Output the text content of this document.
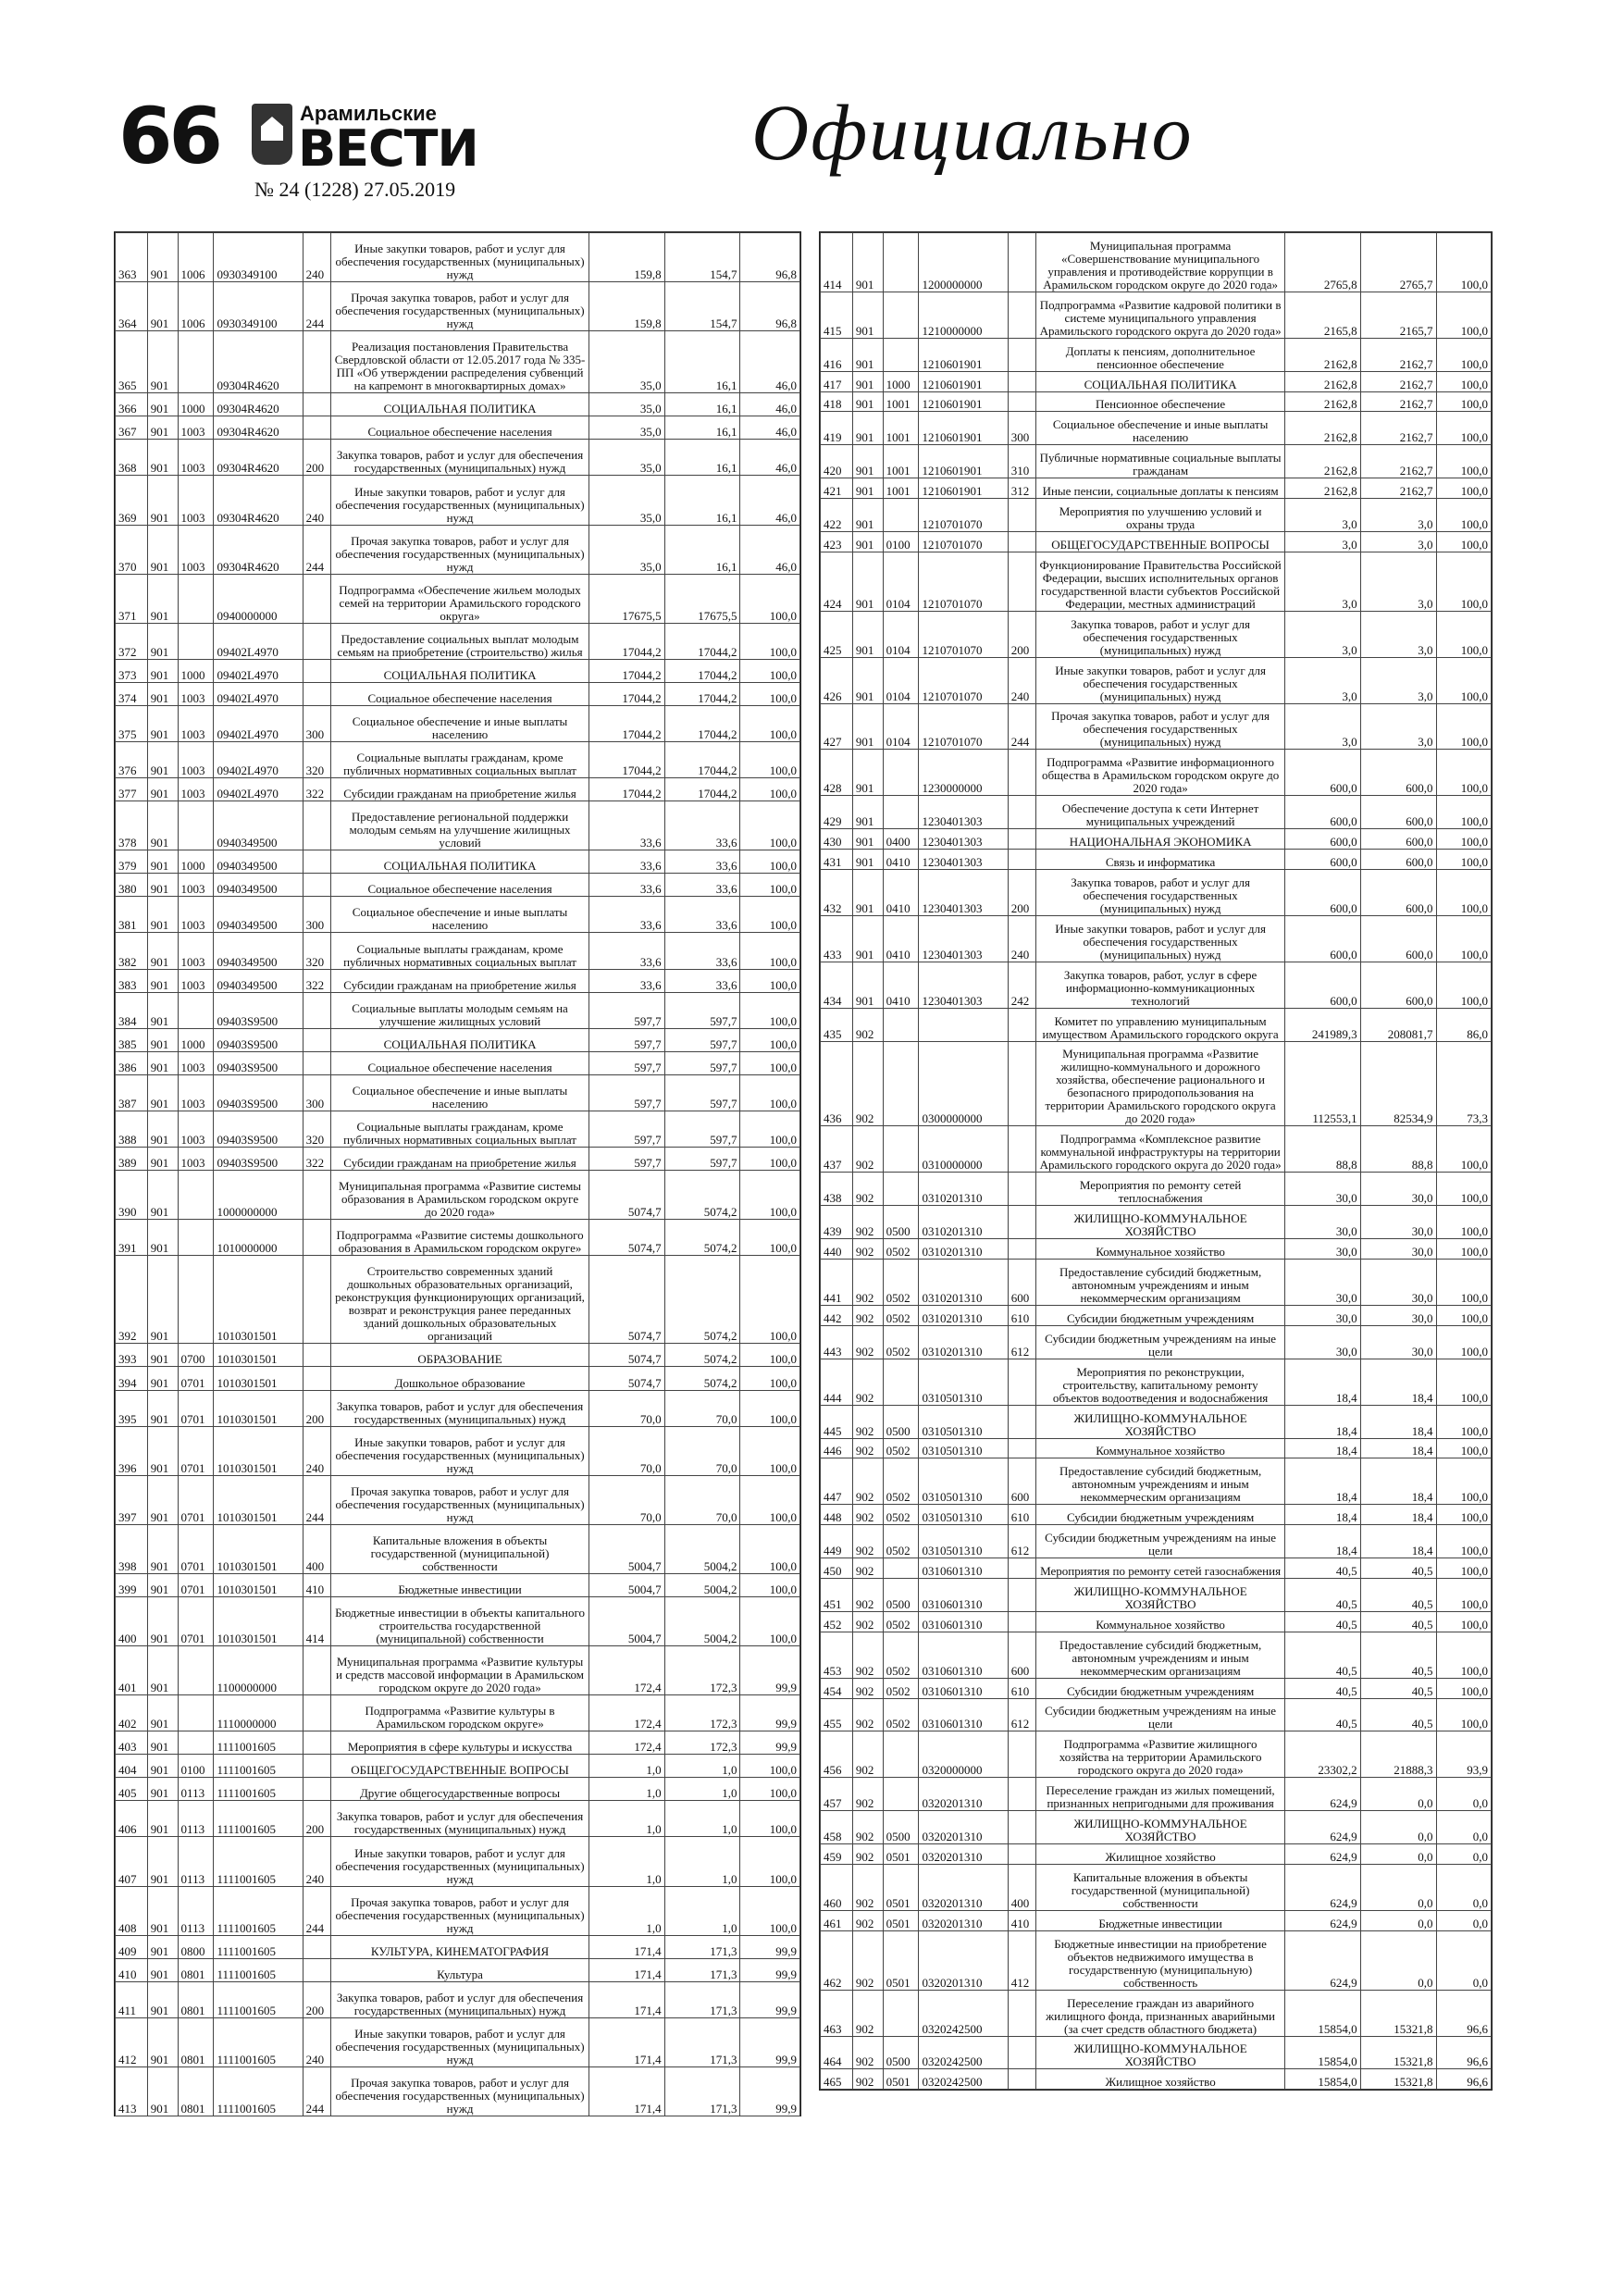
66	Арамильские
ВЕСТИ
№ 24 (1228) 27.05.2019
Официально
363	901	1006	0930349100	240	Иные закупки товаров, работ и услуг для обеспечения государственных (муниципальных) нужд	159,8	154,7	96,8
364	901	1006	0930349100	244	Прочая закупка товаров, работ и услуг для обеспечения государственных (муниципальных) нужд	159,8	154,7	96,8
365	901		09304R4620		Реализация постановления Правительства Свердловской области от 12.05.2017 года № 335-ПП «Об утверждении распределения субвенций на капремонт в многоквартирных домах»	35,0	16,1	46,0
366	901	1000	09304R4620		СОЦИАЛЬНАЯ ПОЛИТИКА	35,0	16,1	46,0
367	901	1003	09304R4620		Социальное обеспечение населения	35,0	16,1	46,0
368	901	1003	09304R4620	200	Закупка товаров, работ и услуг для обеспечения государственных (муниципальных) нужд	35,0	16,1	46,0
369	901	1003	09304R4620	240	Иные закупки товаров, работ и услуг для обеспечения государственных (муниципальных) нужд	35,0	16,1	46,0
370	901	1003	09304R4620	244	Прочая закупка товаров, работ и услуг для обеспечения государственных (муниципальных) нужд	35,0	16,1	46,0
371	901		0940000000		Подпрограмма «Обеспечение жильем молодых семей на территории Арамильского городского округа»	17675,5	17675,5	100,0
372	901		09402L4970		Предоставление социальных выплат молодым семьям на приобретение (строительство) жилья	17044,2	17044,2	100,0
373	901	1000	09402L4970		СОЦИАЛЬНАЯ ПОЛИТИКА	17044,2	17044,2	100,0
374	901	1003	09402L4970		Социальное обеспечение населения	17044,2	17044,2	100,0
375	901	1003	09402L4970	300	Социальное обеспечение и иные выплаты населению	17044,2	17044,2	100,0
376	901	1003	09402L4970	320	Социальные выплаты гражданам, кроме публичных нормативных социальных выплат	17044,2	17044,2	100,0
377	901	1003	09402L4970	322	Субсидии гражданам на приобретение жилья	17044,2	17044,2	100,0
378	901		0940349500		Предоставление региональной поддержки молодым семьям на улучшение жилищных условий	33,6	33,6	100,0
379	901	1000	0940349500		СОЦИАЛЬНАЯ ПОЛИТИКА	33,6	33,6	100,0
380	901	1003	0940349500		Социальное обеспечение населения	33,6	33,6	100,0
381	901	1003	0940349500	300	Социальное обеспечение и иные выплаты населению	33,6	33,6	100,0
382	901	1003	0940349500	320	Социальные выплаты гражданам, кроме публичных нормативных социальных выплат	33,6	33,6	100,0
383	901	1003	0940349500	322	Субсидии гражданам на приобретение жилья	33,6	33,6	100,0
384	901		09403S9500		Социальные выплаты молодым семьям на улучшение жилищных условий	597,7	597,7	100,0
385	901	1000	09403S9500		СОЦИАЛЬНАЯ ПОЛИТИКА	597,7	597,7	100,0
386	901	1003	09403S9500		Социальное обеспечение населения	597,7	597,7	100,0
387	901	1003	09403S9500	300	Социальное обеспечение и иные выплаты населению	597,7	597,7	100,0
388	901	1003	09403S9500	320	Социальные выплаты гражданам, кроме публичных нормативных социальных выплат	597,7	597,7	100,0
389	901	1003	09403S9500	322	Субсидии гражданам на приобретение жилья	597,7	597,7	100,0
390	901		1000000000		Муниципальная программа «Развитие системы образования в Арамильском городском округе до 2020 года»	5074,7	5074,2	100,0
391	901		1010000000		Подпрограмма «Развитие системы дошкольного образования в Арамильском городском округе»	5074,7	5074,2	100,0
392	901		1010301501		Строительство современных зданий дошкольных образовательных организаций, реконструкция функционирующих организаций, возврат и реконструкция ранее переданных зданий дошкольных образовательных организаций	5074,7	5074,2	100,0
393	901	0700	1010301501		ОБРАЗОВАНИЕ	5074,7	5074,2	100,0
394	901	0701	1010301501		Дошкольное образование	5074,7	5074,2	100,0
395	901	0701	1010301501	200	Закупка товаров, работ и услуг для обеспечения государственных (муниципальных) нужд	70,0	70,0	100,0
396	901	0701	1010301501	240	Иные закупки товаров, работ и услуг для обеспечения государственных (муниципальных) нужд	70,0	70,0	100,0
397	901	0701	1010301501	244	Прочая закупка товаров, работ и услуг для обеспечения государственных (муниципальных) нужд	70,0	70,0	100,0
398	901	0701	1010301501	400	Капитальные вложения в объекты государственной (муниципальной) собственности	5004,7	5004,2	100,0
399	901	0701	1010301501	410	Бюджетные инвестиции	5004,7	5004,2	100,0
400	901	0701	1010301501	414	Бюджетные инвестиции в объекты капитального строительства государственной (муниципальной) собственности	5004,7	5004,2	100,0
401	901		1100000000		Муниципальная программа «Развитие культуры и средств массовой информации в Арамильском городском округе до 2020 года»	172,4	172,3	99,9
402	901		1110000000		Подпрограмма «Развитие культуры в Арамильском городском округе»	172,4	172,3	99,9
403	901		1111001605		Мероприятия в сфере культуры и искусства	172,4	172,3	99,9
404	901	0100	1111001605		ОБЩЕГОСУДАРСТВЕННЫЕ ВОПРОСЫ	1,0	1,0	100,0
405	901	0113	1111001605		Другие общегосударственные вопросы	1,0	1,0	100,0
406	901	0113	1111001605	200	Закупка товаров, работ и услуг для обеспечения государственных (муниципальных) нужд	1,0	1,0	100,0
407	901	0113	1111001605	240	Иные закупки товаров, работ и услуг для обеспечения государственных (муниципальных) нужд	1,0	1,0	100,0
408	901	0113	1111001605	244	Прочая закупка товаров, работ и услуг для обеспечения государственных (муниципальных) нужд	1,0	1,0	100,0
409	901	0800	1111001605		КУЛЬТУРА, КИНЕМАТОГРАФИЯ	171,4	171,3	99,9
410	901	0801	1111001605		Культура	171,4	171,3	99,9
411	901	0801	1111001605	200	Закупка товаров, работ и услуг для обеспечения государственных (муниципальных) нужд	171,4	171,3	99,9
412	901	0801	1111001605	240	Иные закупки товаров, работ и услуг для обеспечения государственных (муниципальных) нужд	171,4	171,3	99,9
413	901	0801	1111001605	244	Прочая закупка товаров, работ и услуг для обеспечения государственных (муниципальных) нужд	171,4	171,3	99,9
414	901		1200000000		Муниципальная программа «Совершенствование муниципального управления и противодействие коррупции в Арамильском городском округе до 2020 года»	2765,8	2765,7	100,0
415	901		1210000000		Подпрограмма «Развитие кадровой политики в системе муниципального управления Арамильского городского округа до 2020 года»	2165,8	2165,7	100,0
416	901		1210601901		Доплаты к пенсиям, дополнительное пенсионное обеспечение	2162,8	2162,7	100,0
417	901	1000	1210601901		СОЦИАЛЬНАЯ ПОЛИТИКА	2162,8	2162,7	100,0
418	901	1001	1210601901		Пенсионное обеспечение	2162,8	2162,7	100,0
419	901	1001	1210601901	300	Социальное обеспечение и иные выплаты населению	2162,8	2162,7	100,0
420	901	1001	1210601901	310	Публичные нормативные социальные выплаты гражданам	2162,8	2162,7	100,0
421	901	1001	1210601901	312	Иные пенсии, социальные доплаты к пенсиям	2162,8	2162,7	100,0
422	901		1210701070		Мероприятия по улучшению условий и охраны труда	3,0	3,0	100,0
423	901	0100	1210701070		ОБЩЕГОСУДАРСТВЕННЫЕ ВОПРОСЫ	3,0	3,0	100,0
424	901	0104	1210701070		Функционирование Правительства Российской Федерации, высших исполнительных органов государственной власти субъектов Российской Федерации, местных администраций	3,0	3,0	100,0
425	901	0104	1210701070	200	Закупка товаров, работ и услуг для обеспечения государственных (муниципальных) нужд	3,0	3,0	100,0
426	901	0104	1210701070	240	Иные закупки товаров, работ и услуг для обеспечения государственных (муниципальных) нужд	3,0	3,0	100,0
427	901	0104	1210701070	244	Прочая закупка товаров, работ и услуг для обеспечения государственных (муниципальных) нужд	3,0	3,0	100,0
428	901		1230000000		Подпрограмма «Развитие информационного общества в Арамильском городском округе до 2020 года»	600,0	600,0	100,0
429	901		1230401303		Обеспечение доступа к сети Интернет муниципальных учреждений	600,0	600,0	100,0
430	901	0400	1230401303		НАЦИОНАЛЬНАЯ ЭКОНОМИКА	600,0	600,0	100,0
431	901	0410	1230401303		Связь и информатика	600,0	600,0	100,0
432	901	0410	1230401303	200	Закупка товаров, работ и услуг для обеспечения государственных (муниципальных) нужд	600,0	600,0	100,0
433	901	0410	1230401303	240	Иные закупки товаров, работ и услуг для обеспечения государственных (муниципальных) нужд	600,0	600,0	100,0
434	901	0410	1230401303	242	Закупка товаров, работ, услуг в сфере информационно-коммуникационных технологий	600,0	600,0	100,0
435	902				Комитет по управлению муниципальным имуществом Арамильского городского округа	241989,3	208081,7	86,0
436	902		0300000000		Муниципальная программа «Развитие жилищно-коммунального и дорожного хозяйства, обеспечение рационального и безопасного природопользования на территории Арамильского городского округа до 2020 года»	112553,1	82534,9	73,3
437	902		0310000000		Подпрограмма «Комплексное развитие коммунальной инфраструктуры на территории Арамильского городского округа до 2020 года»	88,8	88,8	100,0
438	902		0310201310		Мероприятия по ремонту сетей теплоснабжения	30,0	30,0	100,0
439	902	0500	0310201310		ЖИЛИЩНО-КОММУНАЛЬНОЕ ХОЗЯЙСТВО	30,0	30,0	100,0
440	902	0502	0310201310		Коммунальное хозяйство	30,0	30,0	100,0
441	902	0502	0310201310	600	Предоставление субсидий бюджетным, автономным учреждениям и иным некоммерческим организациям	30,0	30,0	100,0
442	902	0502	0310201310	610	Субсидии бюджетным учреждениям	30,0	30,0	100,0
443	902	0502	0310201310	612	Субсидии бюджетным учреждениям на иные цели	30,0	30,0	100,0
444	902		0310501310		Мероприятия по реконструкции, строительству, капитальному ремонту объектов водоотведения и водоснабжения	18,4	18,4	100,0
445	902	0500	0310501310		ЖИЛИЩНО-КОММУНАЛЬНОЕ ХОЗЯЙСТВО	18,4	18,4	100,0
446	902	0502	0310501310		Коммунальное хозяйство	18,4	18,4	100,0
447	902	0502	0310501310	600	Предоставление субсидий бюджетным, автономным учреждениям и иным некоммерческим организациям	18,4	18,4	100,0
448	902	0502	0310501310	610	Субсидии бюджетным учреждениям	18,4	18,4	100,0
449	902	0502	0310501310	612	Субсидии бюджетным учреждениям на иные цели	18,4	18,4	100,0
450	902		0310601310		Мероприятия по ремонту сетей газоснабжения	40,5	40,5	100,0
451	902	0500	0310601310		ЖИЛИЩНО-КОММУНАЛЬНОЕ ХОЗЯЙСТВО	40,5	40,5	100,0
452	902	0502	0310601310		Коммунальное хозяйство	40,5	40,5	100,0
453	902	0502	0310601310	600	Предоставление субсидий бюджетным, автономным учреждениям и иным некоммерческим организациям	40,5	40,5	100,0
454	902	0502	0310601310	610	Субсидии бюджетным учреждениям	40,5	40,5	100,0
455	902	0502	0310601310	612	Субсидии бюджетным учреждениям на иные цели	40,5	40,5	100,0
456	902		0320000000		Подпрограмма «Развитие жилищного хозяйства на территории Арамильского городского округа до 2020 года»	23302,2	21888,3	93,9
457	902		0320201310		Переселение граждан из жилых помещений, признанных непригодными для проживания	624,9	0,0	0,0
458	902	0500	0320201310		ЖИЛИЩНО-КОММУНАЛЬНОЕ ХОЗЯЙСТВО	624,9	0,0	0,0
459	902	0501	0320201310		Жилищное хозяйство	624,9	0,0	0,0
460	902	0501	0320201310	400	Капитальные вложения в объекты государственной (муниципальной) собственности	624,9	0,0	0,0
461	902	0501	0320201310	410	Бюджетные инвестиции	624,9	0,0	0,0
462	902	0501	0320201310	412	Бюджетные инвестиции на приобретение объектов недвижимого имущества в государственную (муниципальную) собственность	624,9	0,0	0,0
463	902		0320242500		Переселение граждан из аварийного жилищного фонда, признанных аварийными (за счет средств областного бюджета)	15854,0	15321,8	96,6
464	902	0500	0320242500		ЖИЛИЩНО-КОММУНАЛЬНОЕ ХОЗЯЙСТВО	15854,0	15321,8	96,6
465	902	0501	0320242500		Жилищное хозяйство	15854,0	15321,8	96,6
